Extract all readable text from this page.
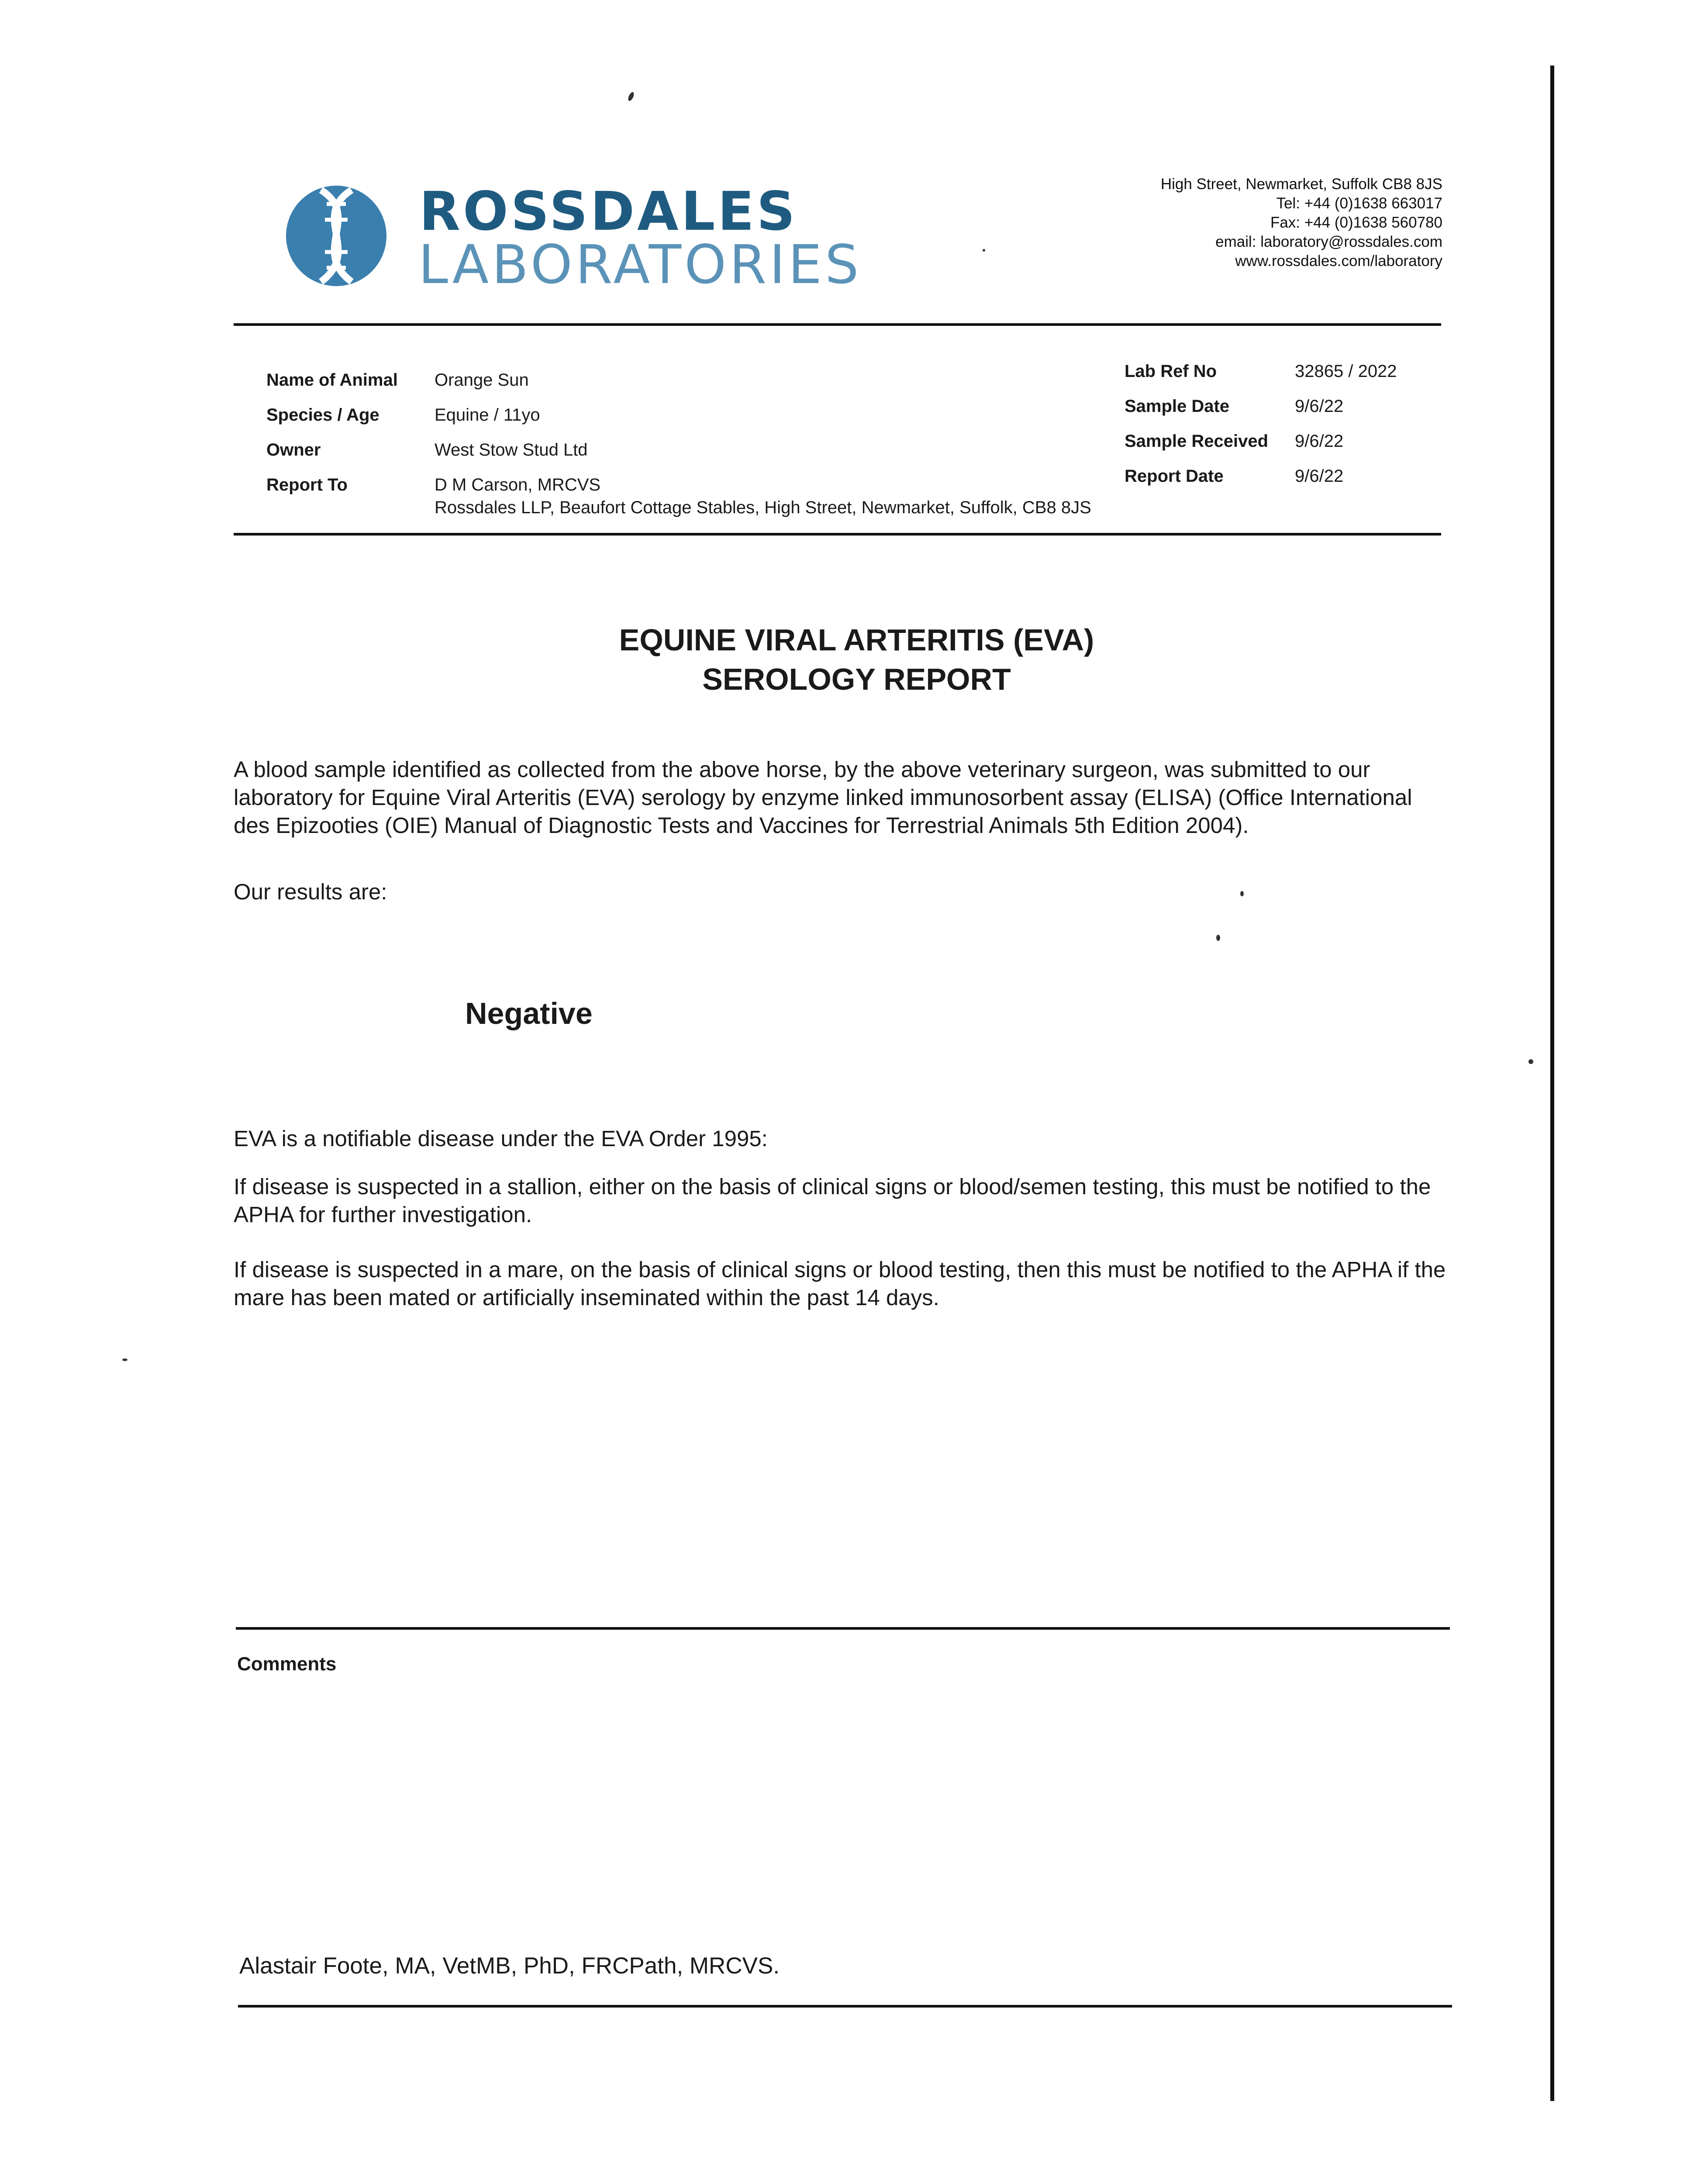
ROSSDALES
LABORATORIES
High Street, Newmarket, Suffolk CB8 8JS
Tel: +44 (0)1638 663017
Fax: +44 (0)1638 560780
email: laboratory@rossdales.com
www.rossdales.com/laboratory
Name of Animal	Orange Sun
Species / Age	Equine / 11yo
Owner	West Stow Stud Ltd
Report To	D M Carson, MRCVS
Rossdales LLP, Beaufort Cottage Stables, High Street, Newmarket, Suffolk, CB8 8JS
Lab Ref No	32865 / 2022
Sample Date	9/6/22
Sample Received	9/6/22
Report Date	9/6/22
EQUINE VIRAL ARTERITIS (EVA)
SEROLOGY REPORT
A blood sample identified as collected from the above horse, by the above veterinary surgeon, was submitted to our laboratory for Equine Viral Arteritis (EVA) serology by enzyme linked immunosorbent assay (ELISA) (Office International des Epizooties (OIE) Manual of Diagnostic Tests and Vaccines for Terrestrial Animals 5th Edition 2004).
Our results are:
Negative
EVA is a notifiable disease under the EVA Order 1995:
If disease is suspected in a stallion, either on the basis of clinical signs or blood/semen testing, this must be notified to the APHA for further investigation.
If disease is suspected in a mare, on the basis of clinical signs or blood testing, then this must be notified to the APHA if the mare has been mated or artificially inseminated within the past 14 days.
Comments
Alastair Foote, MA, VetMB, PhD, FRCPath, MRCVS.
